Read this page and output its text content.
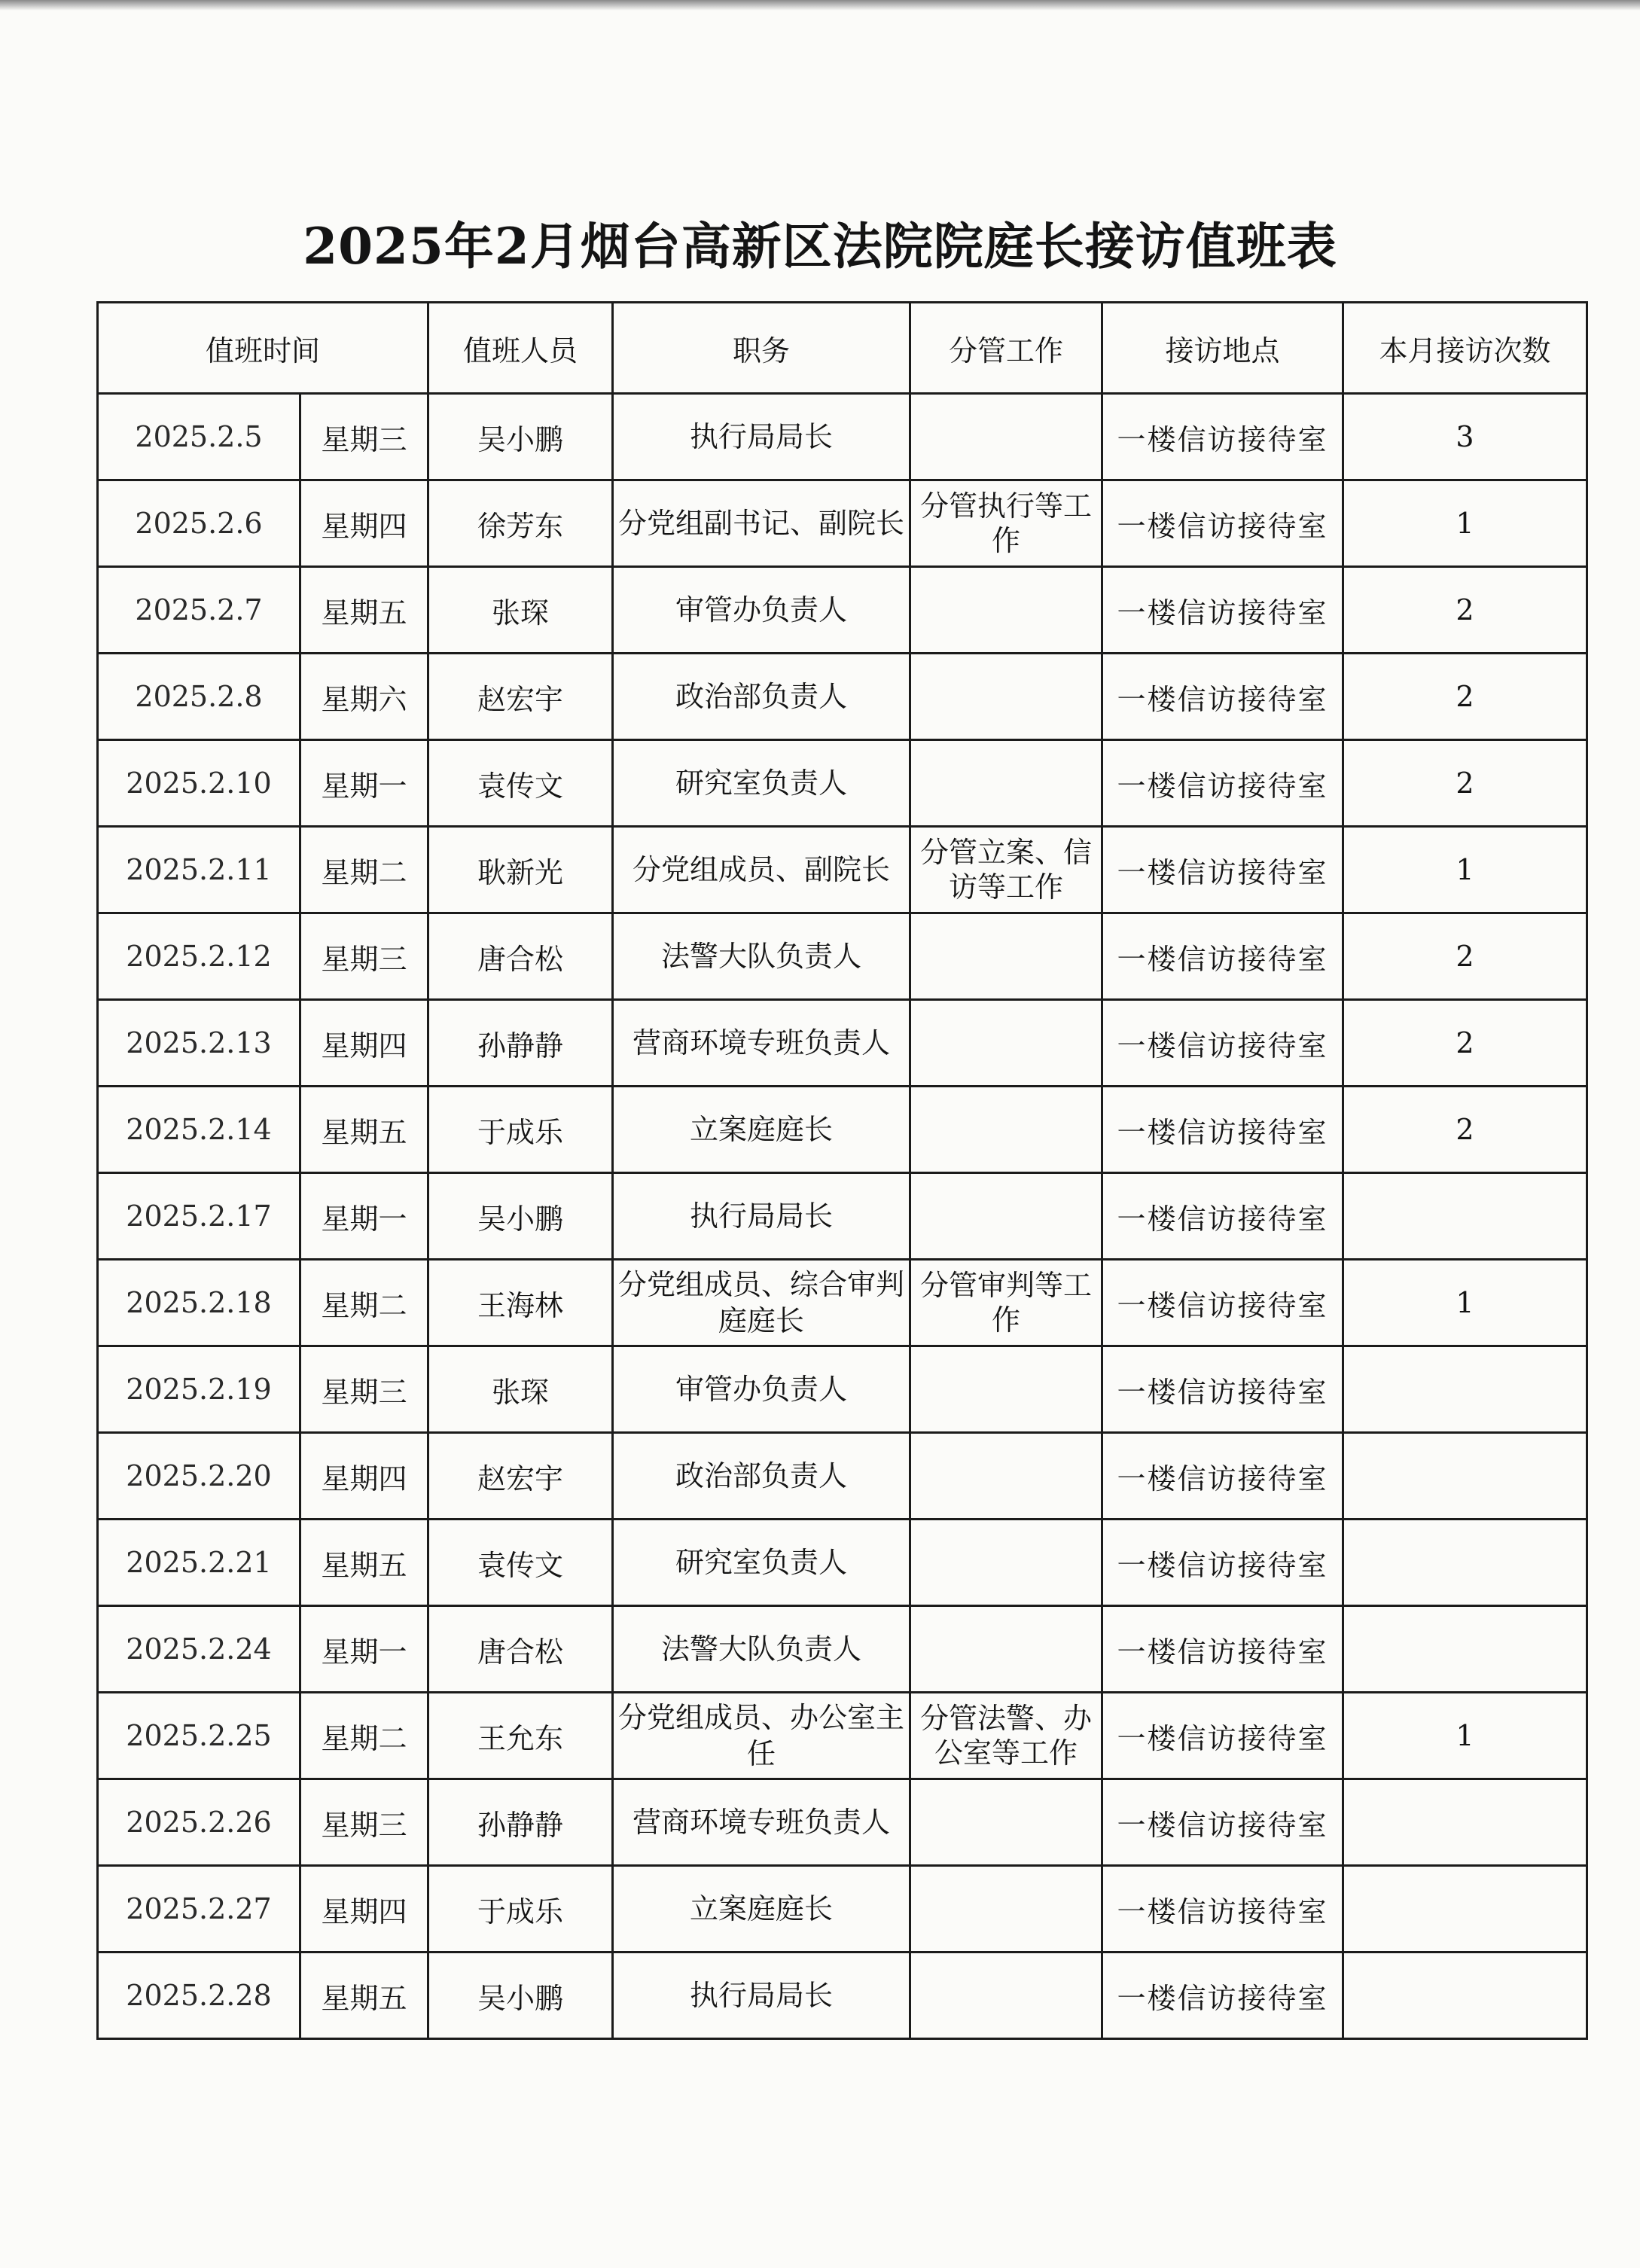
2025年2月烟台高新区法院院庭长接访值班表
值班时间		值班人员	职务	分管工作	接访地点	本月接访次数
2025.2.5	星期三	吴小鹏	执行局局长		一楼信访接待室	3
2025.2.6	星期四	徐芳东	分党组副书记、副院长	分管执行等工作	一楼信访接待室	1
2025.2.7	星期五	张琛	审管办负责人		一楼信访接待室	2
2025.2.8	星期六	赵宏宇	政治部负责人		一楼信访接待室	2
2025.2.10	星期一	袁传文	研究室负责人		一楼信访接待室	2
2025.2.11	星期二	耿新光	分党组成员、副院长	分管立案、信访等工作	一楼信访接待室	1
2025.2.12	星期三	唐合松	法警大队负责人		一楼信访接待室	2
2025.2.13	星期四	孙静静	营商环境专班负责人		一楼信访接待室	2
2025.2.14	星期五	于成乐	立案庭庭长		一楼信访接待室	2
2025.2.17	星期一	吴小鹏	执行局局长		一楼信访接待室	
2025.2.18	星期二	王海林	分党组成员、综合审判庭庭长	分管审判等工作	一楼信访接待室	1
2025.2.19	星期三	张琛	审管办负责人		一楼信访接待室	
2025.2.20	星期四	赵宏宇	政治部负责人		一楼信访接待室	
2025.2.21	星期五	袁传文	研究室负责人		一楼信访接待室	
2025.2.24	星期一	唐合松	法警大队负责人		一楼信访接待室	
2025.2.25	星期二	王允东	分党组成员、办公室主任	分管法警、办公室等工作	一楼信访接待室	1
2025.2.26	星期三	孙静静	营商环境专班负责人		一楼信访接待室	
2025.2.27	星期四	于成乐	立案庭庭长		一楼信访接待室	
2025.2.28	星期五	吴小鹏	执行局局长		一楼信访接待室	
